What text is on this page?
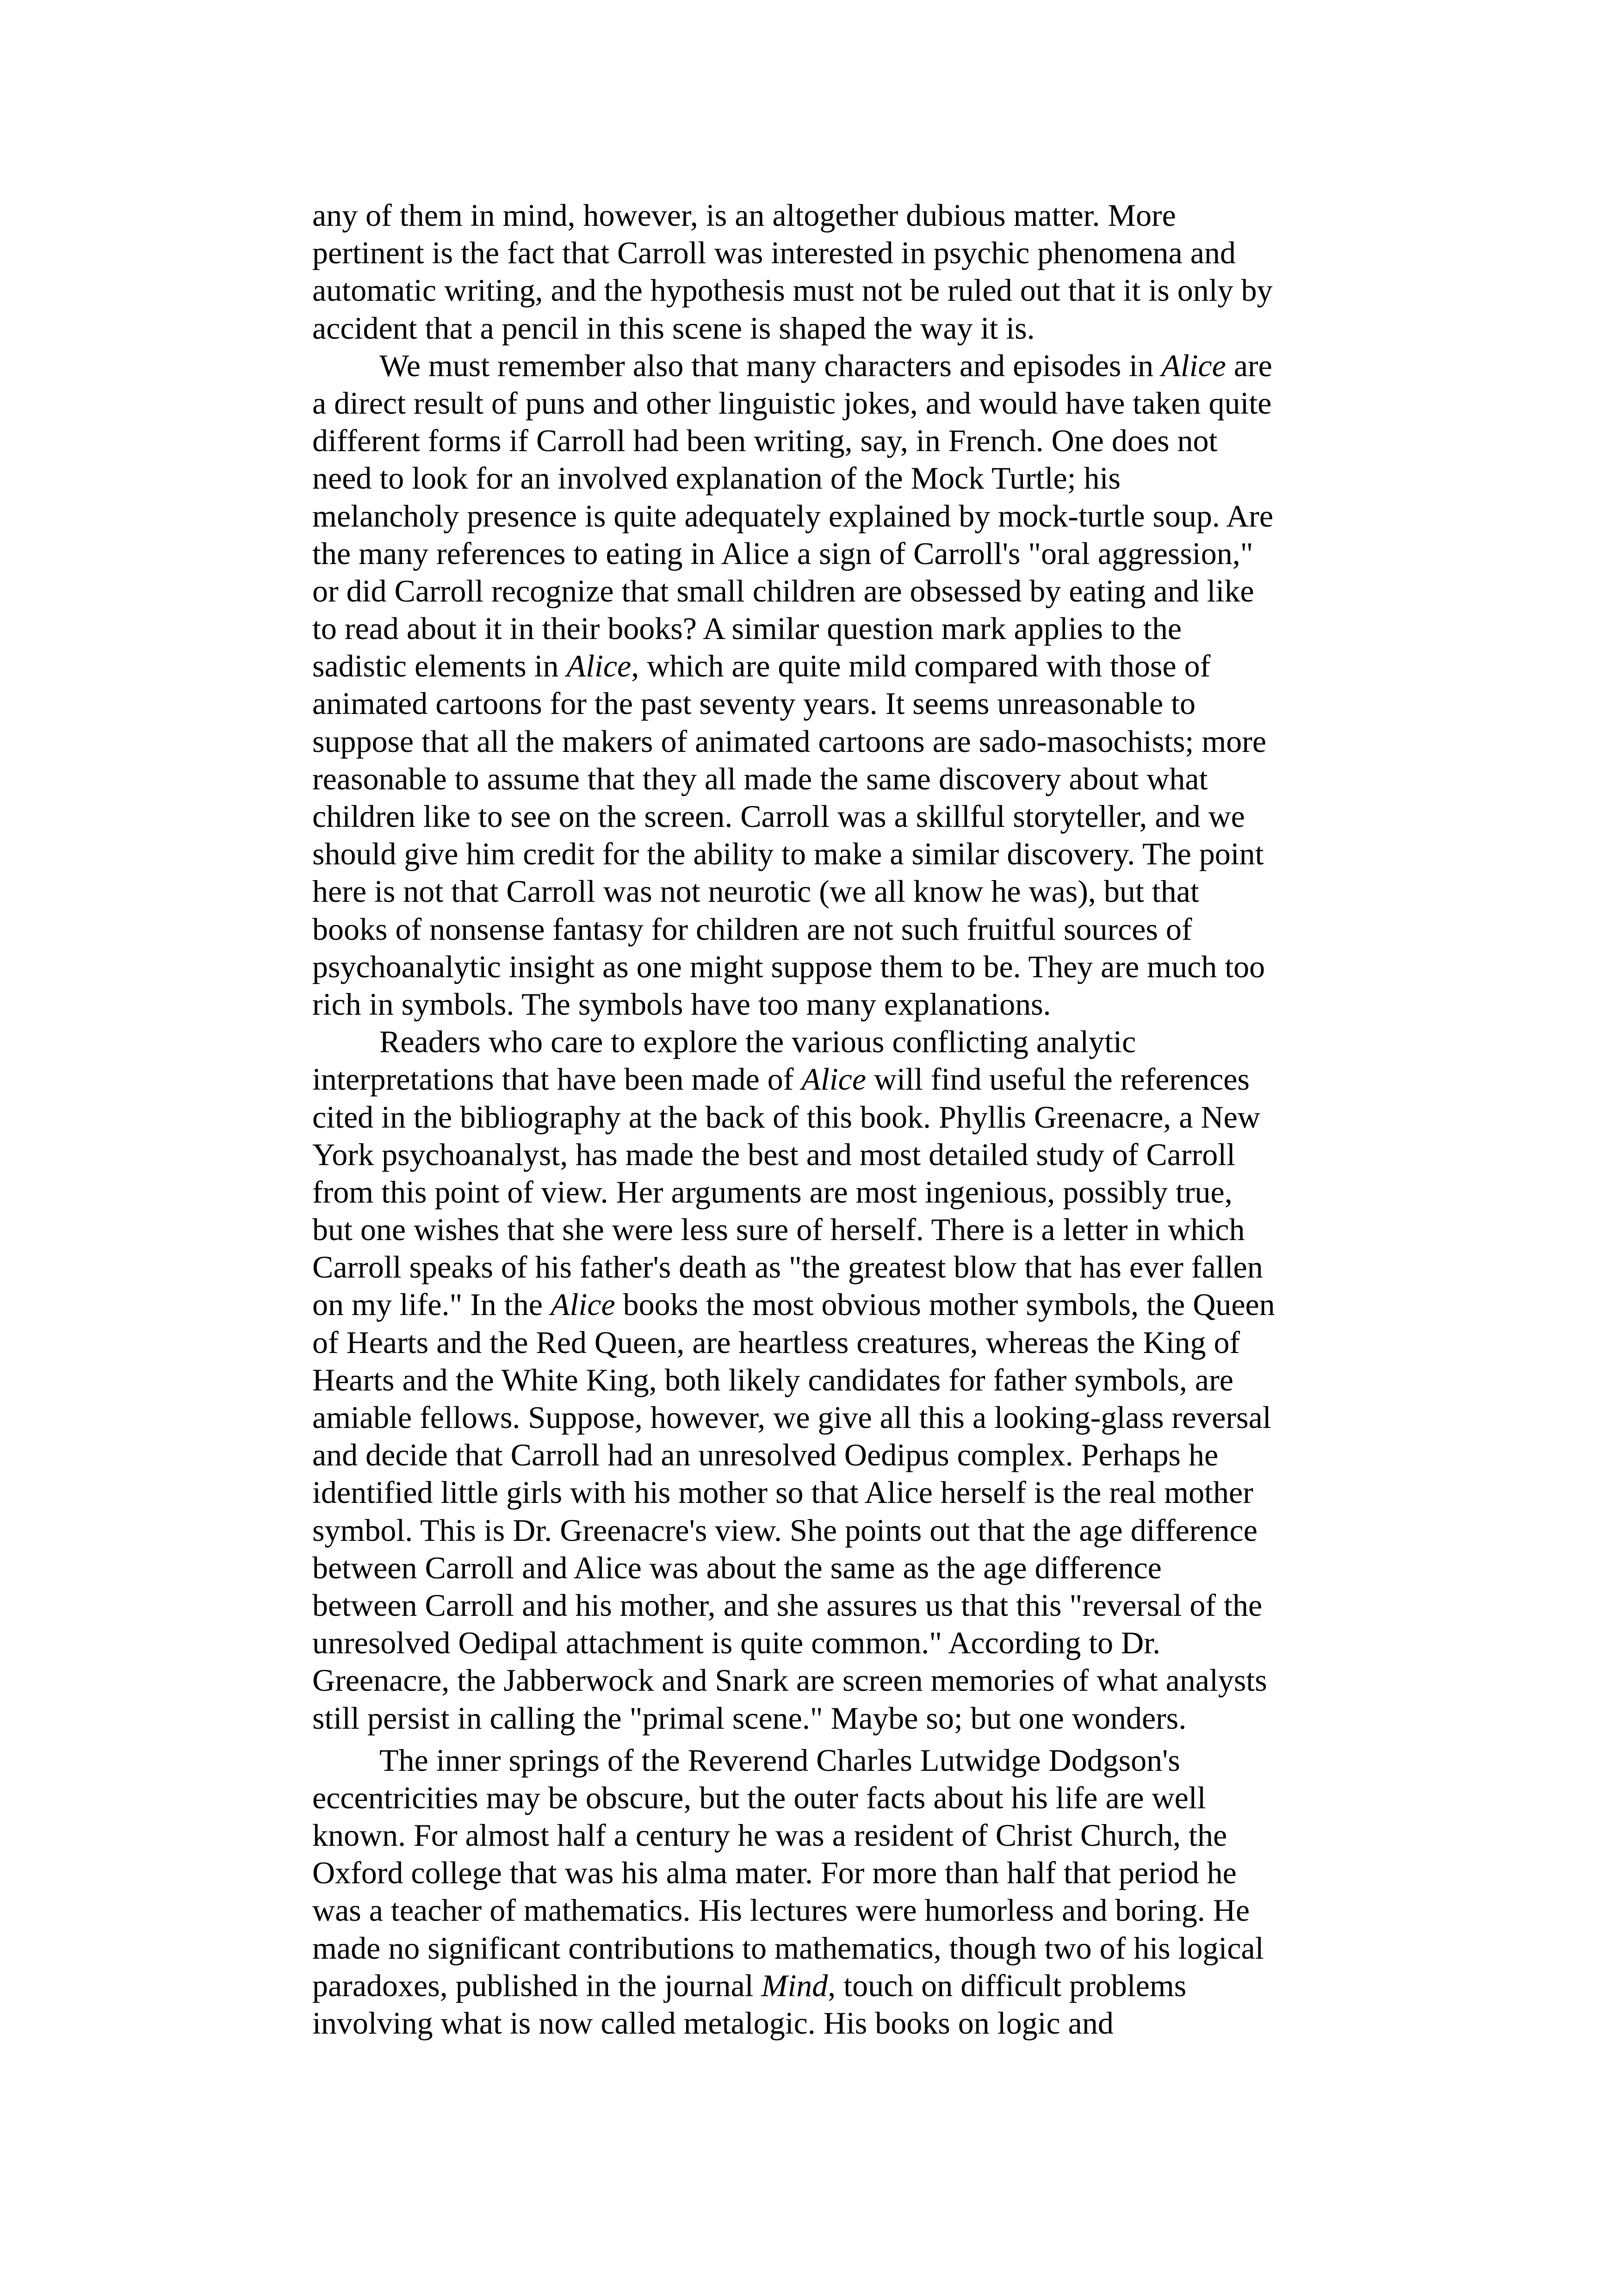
any of them in mind, however, is an altogether dubious matter. More
pertinent is the fact that Carroll was interested in psychic phenomena and
automatic writing, and the hypothesis must not be ruled out that it is only by
accident that a pencil in this scene is shaped the way it is.
We must remember also that many characters and episodes in Alice are
a direct result of puns and other linguistic jokes, and would have taken quite
different forms if Carroll had been writing, say, in French. One does not
need to look for an involved explanation of the Mock Turtle; his
melancholy presence is quite adequately explained by mock-turtle soup. Are
the many references to eating in Alice a sign of Carroll's "oral aggression,"
or did Carroll recognize that small children are obsessed by eating and like
to read about it in their books? A similar question mark applies to the
sadistic elements in Alice, which are quite mild compared with those of
animated cartoons for the past seventy years. It seems unreasonable to
suppose that all the makers of animated cartoons are sado-masochists; more
reasonable to assume that they all made the same discovery about what
children like to see on the screen. Carroll was a skillful storyteller, and we
should give him credit for the ability to make a similar discovery. The point
here is not that Carroll was not neurotic (we all know he was), but that
books of nonsense fantasy for children are not such fruitful sources of
psychoanalytic insight as one might suppose them to be. They are much too
rich in symbols. The symbols have too many explanations.
Readers who care to explore the various conflicting analytic
interpretations that have been made of Alice will find useful the references
cited in the bibliography at the back of this book. Phyllis Greenacre, a New
York psychoanalyst, has made the best and most detailed study of Carroll
from this point of view. Her arguments are most ingenious, possibly true,
but one wishes that she were less sure of herself. There is a letter in which
Carroll speaks of his father's death as "the greatest blow that has ever fallen
on my life." In the Alice books the most obvious mother symbols, the Queen
of Hearts and the Red Queen, are heartless creatures, whereas the King of
Hearts and the White King, both likely candidates for father symbols, are
amiable fellows. Suppose, however, we give all this a looking-glass reversal
and decide that Carroll had an unresolved Oedipus complex. Perhaps he
identified little girls with his mother so that Alice herself is the real mother
symbol. This is Dr. Greenacre's view. She points out that the age difference
between Carroll and Alice was about the same as the age difference
between Carroll and his mother, and she assures us that this "reversal of the
unresolved Oedipal attachment is quite common." According to Dr.
Greenacre, the Jabberwock and Snark are screen memories of what analysts
still persist in calling the "primal scene." Maybe so; but one wonders.
The inner springs of the Reverend Charles Lutwidge Dodgson's
eccentricities may be obscure, but the outer facts about his life are well
known. For almost half a century he was a resident of Christ Church, the
Oxford college that was his alma mater. For more than half that period he
was a teacher of mathematics. His lectures were humorless and boring. He
made no significant contributions to mathematics, though two of his logical
paradoxes, published in the journal Mind, touch on difficult problems
involving what is now called metalogic. His books on logic and
